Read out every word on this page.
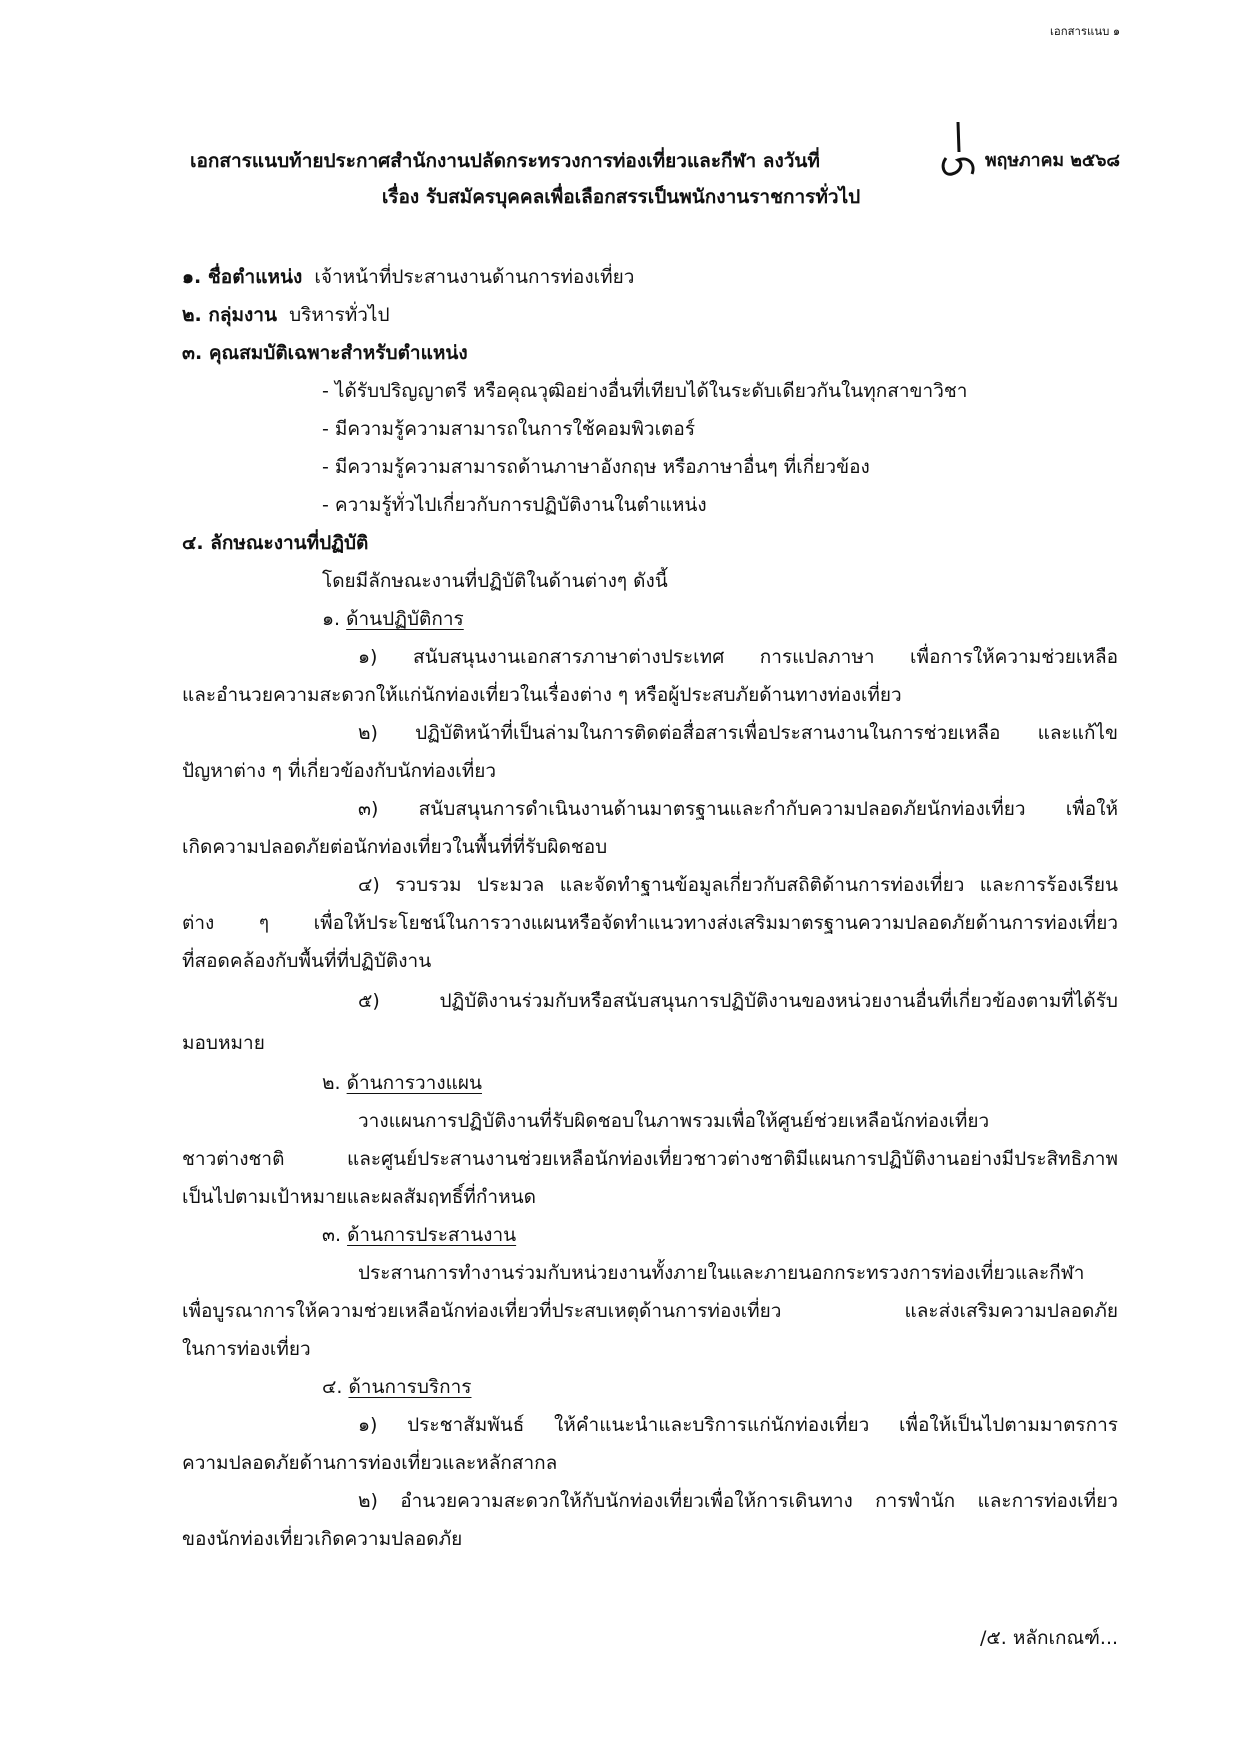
เอกสารแนบ ๑
เอกสารแนบท้ายประกาศสำนักงานปลัดกระทรวงการท่องเที่ยวและกีฬา ลงวันที่	พฤษภาคม ๒๕๖๘
เรื่อง รับสมัครบุคคลเพื่อเลือกสรรเป็นพนักงานราชการทั่วไป
๑. ชื่อตำแหน่ง เจ้าหน้าที่ประสานงานด้านการท่องเที่ยว
๒. กลุ่มงาน บริหารทั่วไป
๓. คุณสมบัติเฉพาะสำหรับตำแหน่ง
- ได้รับปริญญาตรี หรือคุณวุฒิอย่างอื่นที่เทียบได้ในระดับเดียวกันในทุกสาขาวิชา
- มีความรู้ความสามารถในการใช้คอมพิวเตอร์
- มีความรู้ความสามารถด้านภาษาอังกฤษ หรือภาษาอื่นๆ ที่เกี่ยวข้อง
- ความรู้ทั่วไปเกี่ยวกับการปฏิบัติงานในตำแหน่ง
๔. ลักษณะงานที่ปฏิบัติ
โดยมีลักษณะงานที่ปฏิบัติในด้านต่างๆ ดังนี้
๑. ด้านปฏิบัติการ
๑) สนับสนุนงานเอกสารภาษาต่างประเทศ การแปลภาษา เพื่อการให้ความช่วยเหลือ
และอำนวยความสะดวกให้แก่นักท่องเที่ยวในเรื่องต่าง ๆ หรือผู้ประสบภัยด้านทางท่องเที่ยว
๒) ปฏิบัติหน้าที่เป็นล่ามในการติดต่อสื่อสารเพื่อประสานงานในการช่วยเหลือ และแก้ไข
ปัญหาต่าง ๆ ที่เกี่ยวข้องกับนักท่องเที่ยว
๓) สนับสนุนการดำเนินงานด้านมาตรฐานและกำกับความปลอดภัยนักท่องเที่ยว เพื่อให้
เกิดความปลอดภัยต่อนักท่องเที่ยวในพื้นที่ที่รับผิดชอบ
๔) รวบรวม ประมวล และจัดทำฐานข้อมูลเกี่ยวกับสถิติด้านการท่องเที่ยว และการร้องเรียน
ต่าง ๆ เพื่อให้ประโยชน์ในการวางแผนหรือจัดทำแนวทางส่งเสริมมาตรฐานความปลอดภัยด้านการท่องเที่ยว
ที่สอดคล้องกับพื้นที่ที่ปฏิบัติงาน
๕) ปฏิบัติงานร่วมกับหรือสนับสนุนการปฏิบัติงานของหน่วยงานอื่นที่เกี่ยวข้องตามที่ได้รับ
มอบหมาย
๒. ด้านการวางแผน
วางแผนการปฏิบัติงานที่รับผิดชอบในภาพรวมเพื่อให้ศูนย์ช่วยเหลือนักท่องเที่ยว
ชาวต่างชาติ และศูนย์ประสานงานช่วยเหลือนักท่องเที่ยวชาวต่างชาติมีแผนการปฏิบัติงานอย่างมีประสิทธิภาพ
เป็นไปตามเป้าหมายและผลสัมฤทธิ์ที่กำหนด
๓. ด้านการประสานงาน
ประสานการทำงานร่วมกับหน่วยงานทั้งภายในและภายนอกกระทรวงการท่องเที่ยวและกีฬา
เพื่อบูรณาการให้ความช่วยเหลือนักท่องเที่ยวที่ประสบเหตุด้านการท่องเที่ยว และส่งเสริมความปลอดภัย
ในการท่องเที่ยว
๔. ด้านการบริการ
๑) ประชาสัมพันธ์ ให้คำแนะนำและบริการแก่นักท่องเที่ยว เพื่อให้เป็นไปตามมาตรการ
ความปลอดภัยด้านการท่องเที่ยวและหลักสากล
๒) อำนวยความสะดวกให้กับนักท่องเที่ยวเพื่อให้การเดินทาง การพำนัก และการท่องเที่ยว
ของนักท่องเที่ยวเกิดความปลอดภัย
/๕. หลักเกณฑ์...
